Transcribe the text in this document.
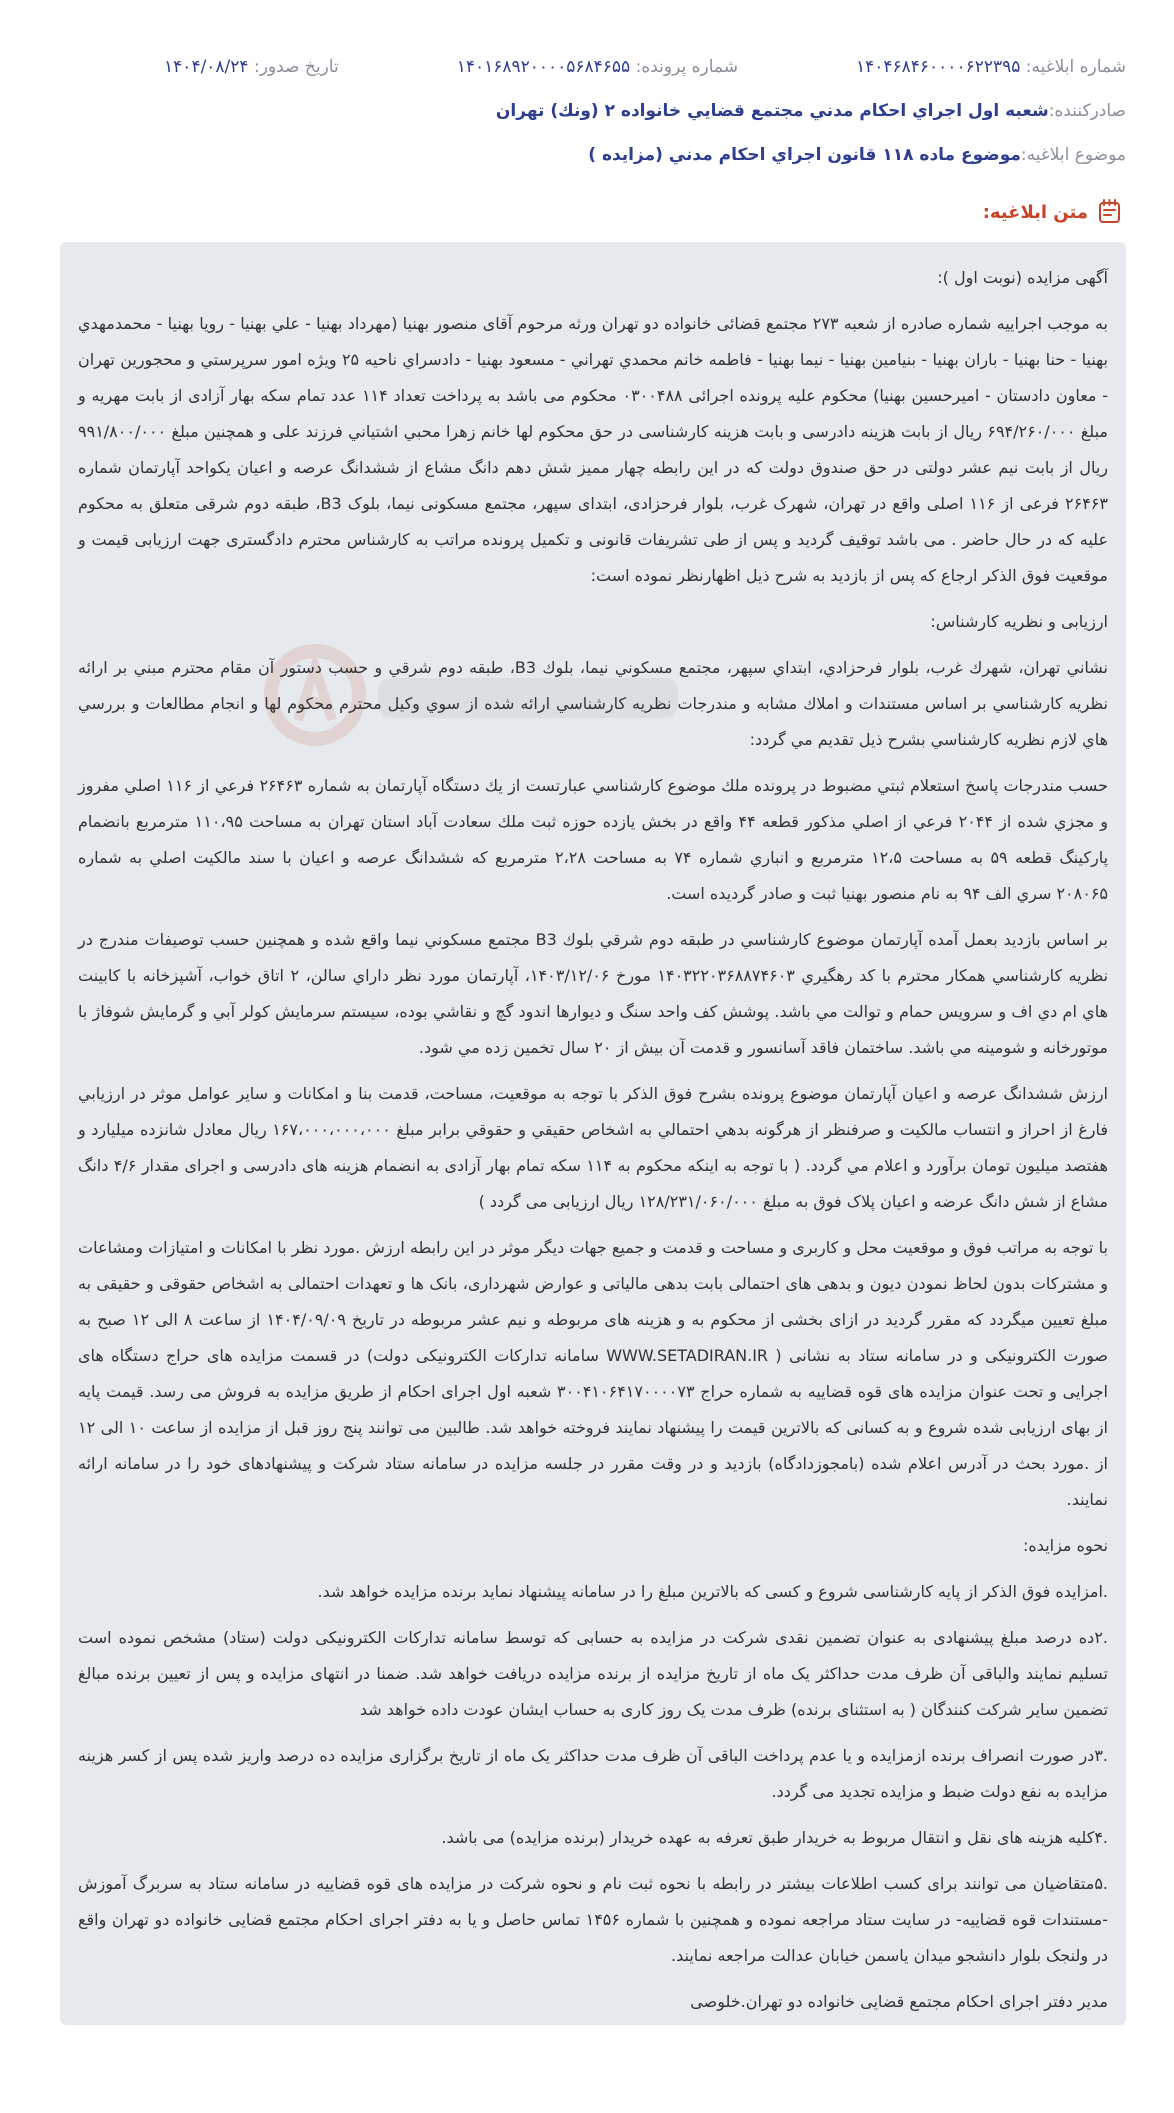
شماره ابلاغیه: ۱۴۰۴۶۸۴۶۰۰۰۰۶۲۲۳۹۵
شماره پرونده: ۱۴۰۱۶۸۹۲۰۰۰۰۵۶۸۴۶۵۵
تاریخ صدور: ۱۴۰۴/۰۸/۲۴
صادرکننده:
شعبه اول اجراي احكام مدني مجتمع قضايي خانواده ۲ (ونك) تهران
موضوع ابلاغیه:
موضوع ماده ۱۱۸ قانون اجراي احكام مدني (مزايده )
متن ابلاغیه:

آگهی مزایده (نوبت اول ):

به موجب اجراییه شماره صادره از شعبه ۲۷۳ مجتمع قضائی خانواده دو تهران ورثه مرحوم آقای منصور بهنیا (مهرداد بهنیا - علي بهنيا - رويا بهنيا - محمدمهدي بهنيا - حنا بهنيا - باران بهنيا - بنيامين بهنيا - نيما بهنيا - فاطمه خانم محمدي تهراني - مسعود بهنيا - دادسراي ناحيه ۲۵ ويژه امور سرپرستي و محجورين تهران - معاون دادستان - اميرحسين بهنيا) محکوم علیه پرونده اجرائی ۰۳۰۰۴۸۸ محکوم می باشد به پرداخت تعداد ۱۱۴ عدد تمام سکه بهار آزادی از بابت مهریه و مبلغ ۶۹۴/۲۶۰/۰۰۰ ریال از بابت هزینه دادرسی و بابت هزینه کارشناسی در حق محکوم لها خانم زهرا محبي اشتياني فرزند علی و همچنین مبلغ ۹۹۱/۸۰۰/۰۰۰ ریال از بابت نیم عشر دولتی در حق صندوق دولت که در این رابطه چهار ممیز شش دهم دانگ مشاع از ششدانگ عرصه و اعیان یکواحد آپارتمان شماره ۲۶۴۶۳ فرعی از ۱۱۶ اصلی واقع در تهران، شهرک غرب، بلوار فرحزادی، ابتدای سپهر، مجتمع مسکونی نیما، بلوک B3، طبقه دوم شرقی متعلق به محکوم علیه که در حال حاضر . می باشد توقیف گردید و پس از طی تشریفات قانونی و تکمیل پرونده مراتب به کارشناس محترم دادگستری جهت ارزیابی قیمت و موقعیت فوق الذکر ارجاع که پس از بازدید به شرح ذیل اظهارنظر نموده است:

ارزیابی و نظریه کارشناس:

نشاني تهران، شهرك غرب، بلوار فرحزادي، ابتداي سپهر، مجتمع مسكوني نيما، بلوك B3، طبقه دوم شرقي و حسب دستور آن مقام محترم مبني بر ارائه نظريه كارشناسي بر اساس مستندات و املاك مشابه و مندرجات نظريه كارشناسي ارائه شده از سوي وكيل محترم محكوم لها و انجام مطالعات و بررسي هاي لازم نظريه كارشناسي بشرح ذيل تقديم مي گردد:

حسب مندرجات پاسخ استعلام ثبتي مضبوط در پرونده ملك موضوع كارشناسي عبارتست از يك دستگاه آپارتمان به شماره ۲۶۴۶۳ فرعي از ۱۱۶ اصلي مفروز و مجزي شده از ۲۰۴۴ فرعي از اصلي مذكور قطعه ۴۴ واقع در بخش يازده حوزه ثبت ملك سعادت آباد استان تهران به مساحت ۱۱۰،۹۵ مترمربع بانضمام پاركينگ قطعه ۵۹ به مساحت ۱۲،۵ مترمربع و انباري شماره ۷۴ به مساحت ۲،۲۸ مترمربع كه ششدانگ عرصه و اعيان با سند مالكيت اصلي به شماره ۲۰۸۰۶۵ سري الف ۹۴ به نام منصور بهنيا ثبت و صادر گرديده است.

بر اساس بازديد بعمل آمده آپارتمان موضوع كارشناسي در طبقه دوم شرقي بلوك B3 مجتمع مسكوني نيما واقع شده و همچنين حسب توصيفات مندرج در نظريه كارشناسي همكار محترم با كد رهگيري ۱۴۰۳۲۲۰۳۶۸۸۷۴۶۰۳ مورخ ۱۴۰۳/۱۲/۰۶، آپارتمان مورد نظر داراي سالن، ۲ اتاق خواب، آشپزخانه با كابينت هاي ام دي اف و سرويس حمام و توالت مي باشد. پوشش كف واحد سنگ و ديوارها اندود گچ و نقاشي بوده، سيستم سرمايش كولر آبي و گرمايش شوفاژ با موتورخانه و شومينه مي باشد. ساختمان فاقد آسانسور و قدمت آن بيش از ۲۰ سال تخمين زده مي شود.

ارزش ششدانگ عرصه و اعيان آپارتمان موضوع پرونده بشرح فوق الذكر با توجه به موقعيت، مساحت، قدمت بنا و امكانات و ساير عوامل موثر در ارزيابي فارغ از احراز و انتساب مالكيت و صرفنظر از هرگونه بدهي احتمالي به اشخاص حقيقي و حقوقي برابر مبلغ ۱۶۷،۰۰۰،۰۰۰،۰۰۰ ريال معادل شانزده ميليارد و هفتصد ميليون تومان برآورد و اعلام مي گردد. ( با توجه به اینکه محکوم به ۱۱۴ سکه تمام بهار آزادی به انضمام هزینه های دادرسی و اجرای مقدار ۴/۶ دانگ مشاع از شش دانگ عرضه و اعیان پلاک فوق به مبلغ ۱۲۸/۲۳۱/۰۶۰/۰۰۰ ریال ارزیابی می گردد )

با توجه به مراتب فوق و موقعیت محل و کاربری و مساحت و قدمت و جمیع جهات دیگر موثر در این رابطه ارزش .مورد نظر با امکانات و امتیازات ومشاعات و مشترکات بدون لحاظ نمودن دیون و بدهی های احتمالی بابت بدهی مالیاتی و عوارض شهرداری، بانک ها و تعهدات احتمالی به اشخاص حقوقی و حقیقی به مبلغ تعیین میگردد که مقرر گردید در ازای بخشی از محکوم به و هزینه های مربوطه و نیم عشر مربوطه در تاریخ ۱۴۰۴/۰۹/۰۹ از ساعت ۸ الی ۱۲ صبح به صورت الکترونیکی و در سامانه ستاد به نشانی ( WWW.SETADIRAN.IR سامانه تدارکات الکترونیکی دولت) در قسمت مزایده های حراج دستگاه های اجرایی و تحت عنوان مزایده های قوه قضاییه به شماره حراج ۳۰۰۴۱۰۶۴۱۷۰۰۰۰۷۳ شعبه اول اجرای احکام از طریق مزایده به فروش می رسد. قیمت پایه از بهای ارزیابی شده شروع و به کسانی که بالاترین قیمت را پیشنهاد نمایند فروخته خواهد شد. طالبین می توانند پنج روز قبل از مزایده از ساعت ۱۰ الی ۱۲ از .مورد بحث در آدرس اعلام شده (بامجوزدادگاه) بازدید و در وقت مقرر در جلسه مزایده در سامانه ستاد شرکت و پیشنهادهای خود را در سامانه ارائه نمایند.

نحوه مزایده:

.امزایده فوق الذکر از پایه کارشناسی شروع و کسی که بالاترین مبلغ را در سامانه پیشنهاد نماید برنده مزایده خواهد شد.

.۲ده درصد مبلغ پیشنهادی به عنوان تضمین نقدی شرکت در مزایده به حسابی که توسط سامانه تدارکات الکترونیکی دولت (ستاد) مشخص نموده است تسلیم نمایند والباقی آن ظرف مدت حداکثر یک ماه از تاریخ مزایده از برنده مزایده دریافت خواهد شد. ضمنا در انتهای مزایده و پس از تعیین برنده مبالغ تضمین سایر شرکت کنندگان ( به استثنای برنده) ظرف مدت یک روز کاری به حساب ایشان عودت داده خواهد شد

.۳در صورت انصراف برنده ازمزایده و یا عدم پرداخت الباقی آن ظرف مدت حداکثر یک ماه از تاریخ برگزاری مزایده ده درصد واریز شده پس از کسر هزینه مزایده به نفع دولت ضبط و مزایده تجدید می گردد.

.۴کلیه هزینه های نقل و انتقال مربوط به خریدار طبق تعرفه به عهده خریدار (برنده مزایده) می باشد.

.۵متقاضیان می توانند برای کسب اطلاعات بیشتر در رابطه با نحوه ثبت نام و نحوه شرکت در مزایده های قوه قضاییه در سامانه ستاد به سربرگ آموزش -مستندات قوه قضاییه- در سایت ستاد مراجعه نموده و همچنین با شماره ۱۴۵۶ تماس حاصل و یا به دفتر اجرای احکام مجتمع قضایی خانواده دو تهران واقع در ولنجک بلوار دانشجو میدان یاسمن خیابان عدالت مراجعه نمایند.

مدیر دفتر اجرای احکام مجتمع قضایی خانواده دو تهران.خلوصی
